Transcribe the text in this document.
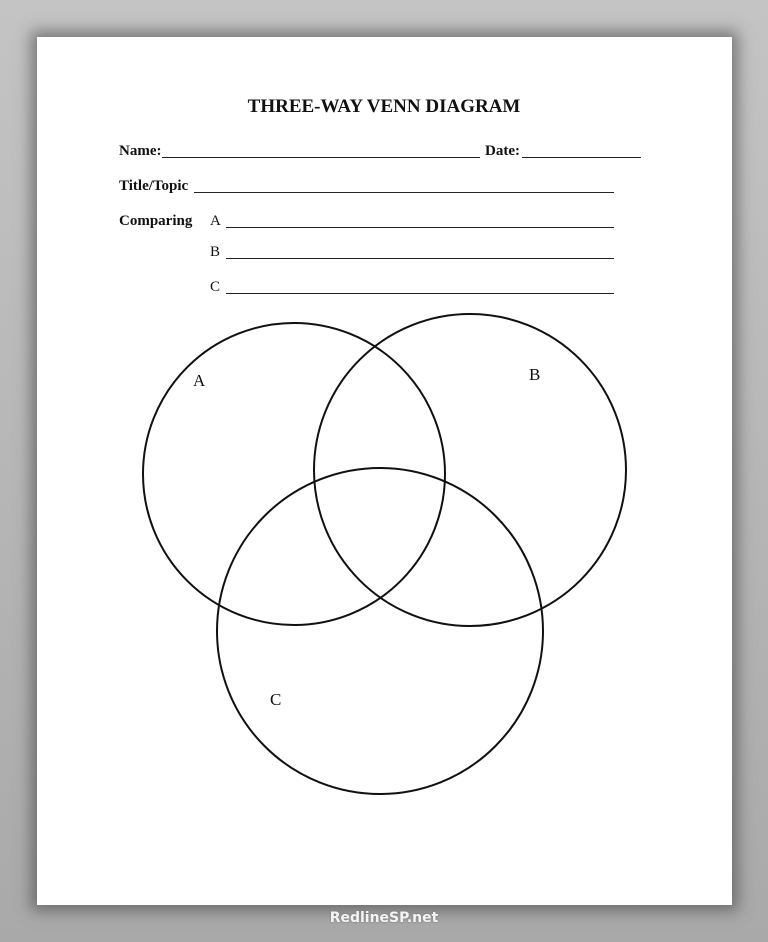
THREE-WAY VENN DIAGRAM
Name:	Date:
Title/Topic
Comparing A
B
C
A	B
C
RedlineSP.net
